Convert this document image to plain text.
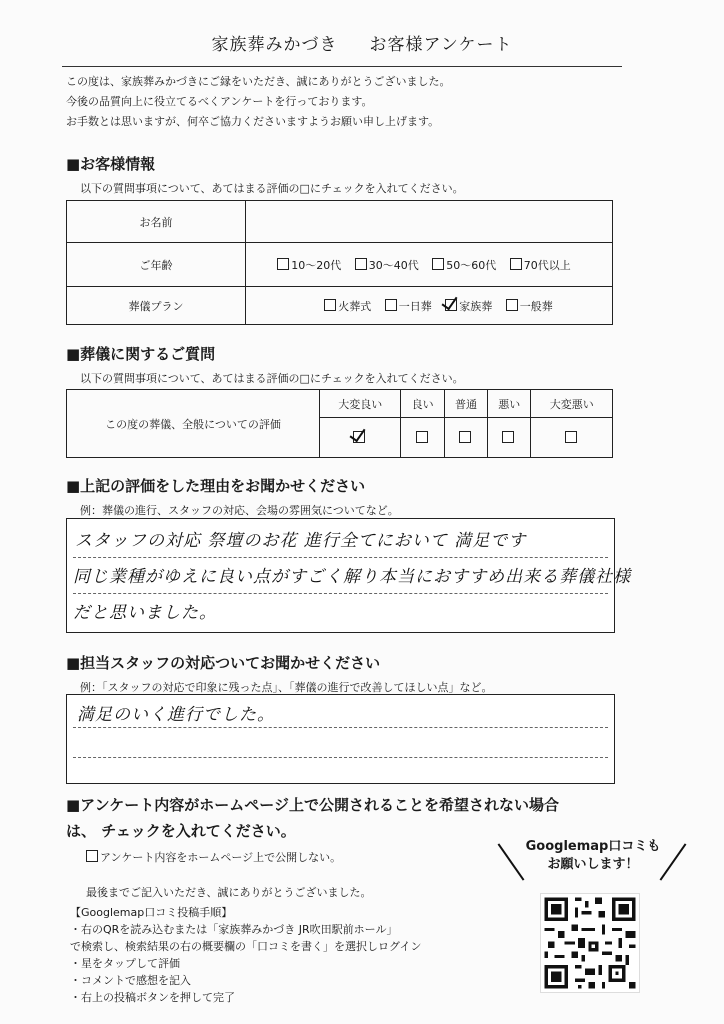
家族葬みかづき お客様アンケート
この度は、家族葬みかづきにご縁をいただき、誠にありがとうございました。
今後の品質向上に役立てるべくアンケートを行っております。
お手数とは思いますが、何卒ご協力くださいますようお願い申し上げます。
■お客様情報
以下の質問事項について、あてはまる評価の□にチェックを入れてください。
お名前	
ご年齢	10～20代 30～40代 50～60代 70代以上
葬儀プラン	火葬式 一日葬 家族葬 一般葬
■葬儀に関するご質問
以下の質問事項について、あてはまる評価の□にチェックを入れてください。
この度の葬儀、全般についての評価	大変良い	良い	普通	悪い	大変悪い

■上記の評価をした理由をお聞かせください
例：葬儀の進行、スタッフの対応、会場の雰囲気についてなど。
スタッフの対応 祭壇のお花 進行全てにおいて 満足です
同じ業種がゆえに良い点がすごく解り本当におすすめ出来る葬儀社様
だと思いました。
■担当スタッフの対応ついてお聞かせください
例：「スタッフの対応で印象に残った点」、「葬儀の進行で改善してほしい点」など。
満足のいく進行でした。
■アンケート内容がホームページ上で公開されることを希望されない場合
は、 チェックを入れてください。
アンケート内容をホームページ上で公開しない。
最後までご記入いただき、誠にありがとうございました。
【Googlemap口コミ投稿手順】
・右のQRを読み込むまたは「家族葬みかづき JR吹田駅前ホール」
で検索し、検索結果の右の概要欄の「口コミを書く」を選択しログイン
・星をタップして評価
・コメントで感想を記入
・右上の投稿ボタンを押して完了
Googlemap口コミも
お願いします！
